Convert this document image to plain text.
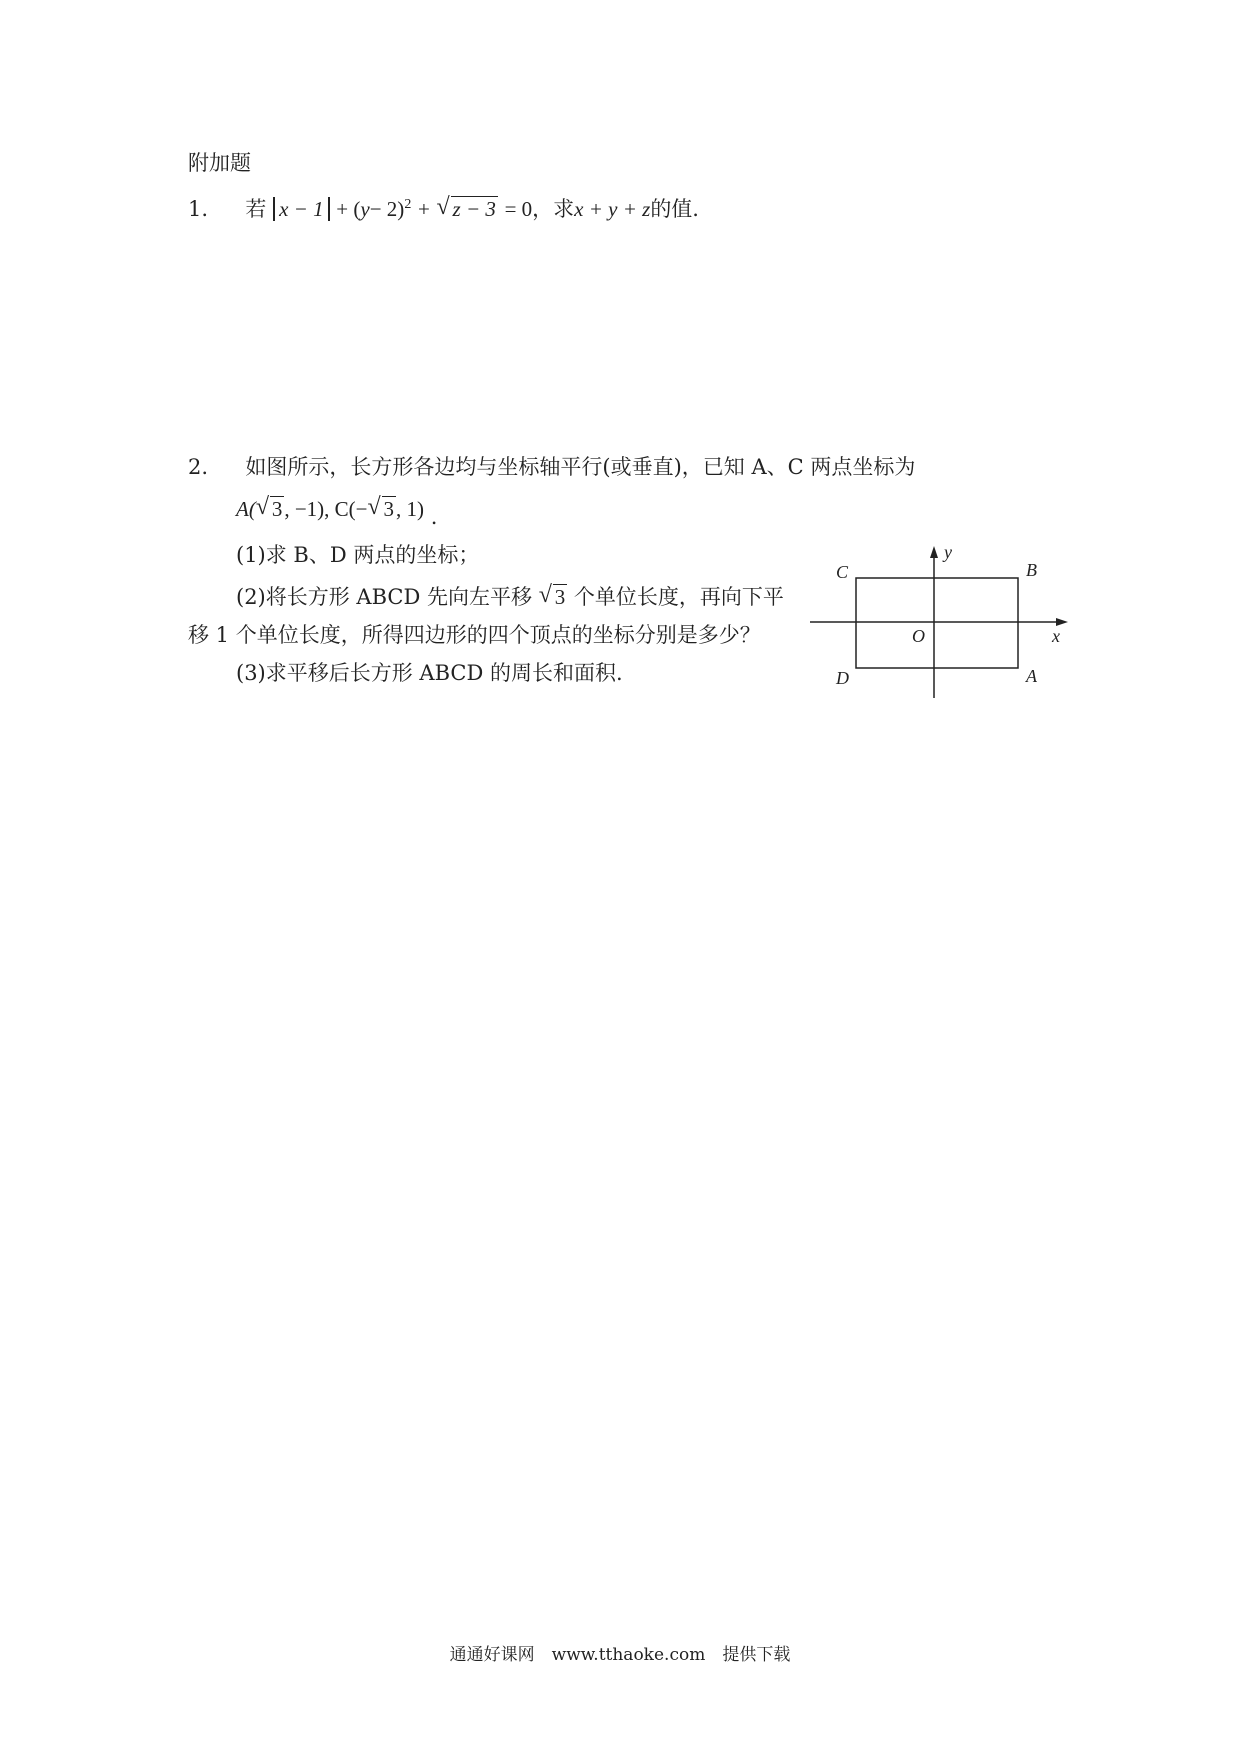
附加题
1. 若 $x - 1 + (y- 2)^2$ + √ z − 3 = 0，求x + y + z的值.
2. 如图所示，长方形各边均与坐标轴平行(或垂直)，已知 A、C 两点坐标为
A( √ 3, −1), C(− √ 3, 1) .
(1)求 B、D 两点的坐标；
(2)将长方形 ABCD 先向左平移 √ 3 个单位长度，再向下平
移 1 个单位长度，所得四边形的四个顶点的坐标分别是多少？
(3)求平移后长方形 ABCD 的周长和面积.
C	B
D	A
O	x
y
通通好课网　www.tthaoke.com　提供下载
